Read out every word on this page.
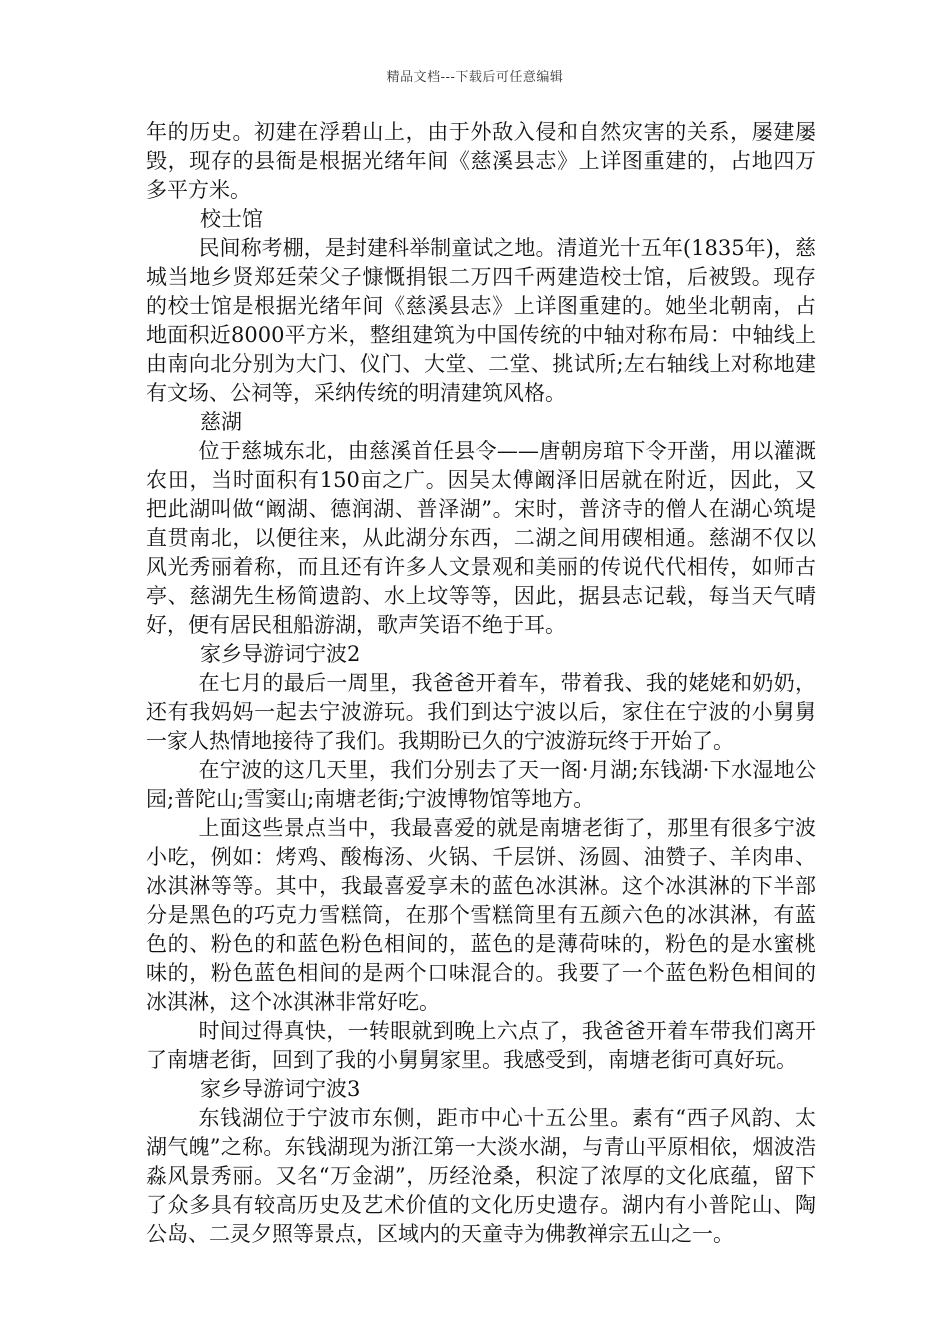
精品文档---下载后可任意编辑

年的历史。初建在浮碧山上，由于外敌入侵和自然灾害的关系，屡建屡毁，现存的县衙是根据光绪年间《慈溪县志》上详图重建的，占地四万多平方米。

校士馆

民间称考棚，是封建科举制童试之地。清道光十五年(1835年)，慈城当地乡贤郑廷荣父子慷慨捐银二万四千两建造校士馆，后被毁。现存的校士馆是根据光绪年间《慈溪县志》上详图重建的。她坐北朝南，占地面积近8000平方米，整组建筑为中国传统的中轴对称布局：中轴线上由南向北分别为大门、仪门、大堂、二堂、挑试所;左右轴线上对称地建有文场、公祠等，采纳传统的明清建筑风格。

慈湖

位于慈城东北，由慈溪首任县令——唐朝房琯下令开凿，用以灌溉农田，当时面积有150亩之广。因吴太傅阚泽旧居就在附近，因此，又把此湖叫做“阚湖、德润湖、普泽湖”。宋时，普济寺的僧人在湖心筑堤直贯南北，以便往来，从此湖分东西，二湖之间用碶相通。慈湖不仅以风光秀丽着称，而且还有许多人文景观和美丽的传说代代相传，如师古亭、慈湖先生杨简遗韵、水上坟等等，因此，据县志记载，每当天气晴好，便有居民租船游湖，歌声笑语不绝于耳。

家乡导游词宁波2

在七月的最后一周里，我爸爸开着车，带着我、我的姥姥和奶奶，还有我妈妈一起去宁波游玩。我们到达宁波以后，家住在宁波的小舅舅一家人热情地接待了我们。我期盼已久的宁波游玩终于开始了。

在宁波的这几天里，我们分别去了天一阁·月湖;东钱湖·下水湿地公园;普陀山;雪窦山;南塘老街;宁波博物馆等地方。

上面这些景点当中，我最喜爱的就是南塘老街了，那里有很多宁波小吃，例如：烤鸡、酸梅汤、火锅、千层饼、汤圆、油赞子、羊肉串、冰淇淋等等。其中，我最喜爱享未的蓝色冰淇淋。这个冰淇淋的下半部分是黑色的巧克力雪糕筒，在那个雪糕筒里有五颜六色的冰淇淋，有蓝色的、粉色的和蓝色粉色相间的，蓝色的是薄荷味的，粉色的是水蜜桃味的，粉色蓝色相间的是两个口味混合的。我要了一个蓝色粉色相间的冰淇淋，这个冰淇淋非常好吃。

时间过得真快，一转眼就到晚上六点了，我爸爸开着车带我们离开了南塘老街，回到了我的小舅舅家里。我感受到，南塘老街可真好玩。

家乡导游词宁波3

东钱湖位于宁波市东侧，距市中心十五公里。素有“西子风韵、太湖气魄”之称。东钱湖现为浙江第一大淡水湖，与青山平原相依，烟波浩淼风景秀丽。又名“万金湖”，历经沧桑，积淀了浓厚的文化底蕴，留下了众多具有较高历史及艺术价值的文化历史遗存。湖内有小普陀山、陶公岛、二灵夕照等景点，区域内的天童寺为佛教禅宗五山之一。
